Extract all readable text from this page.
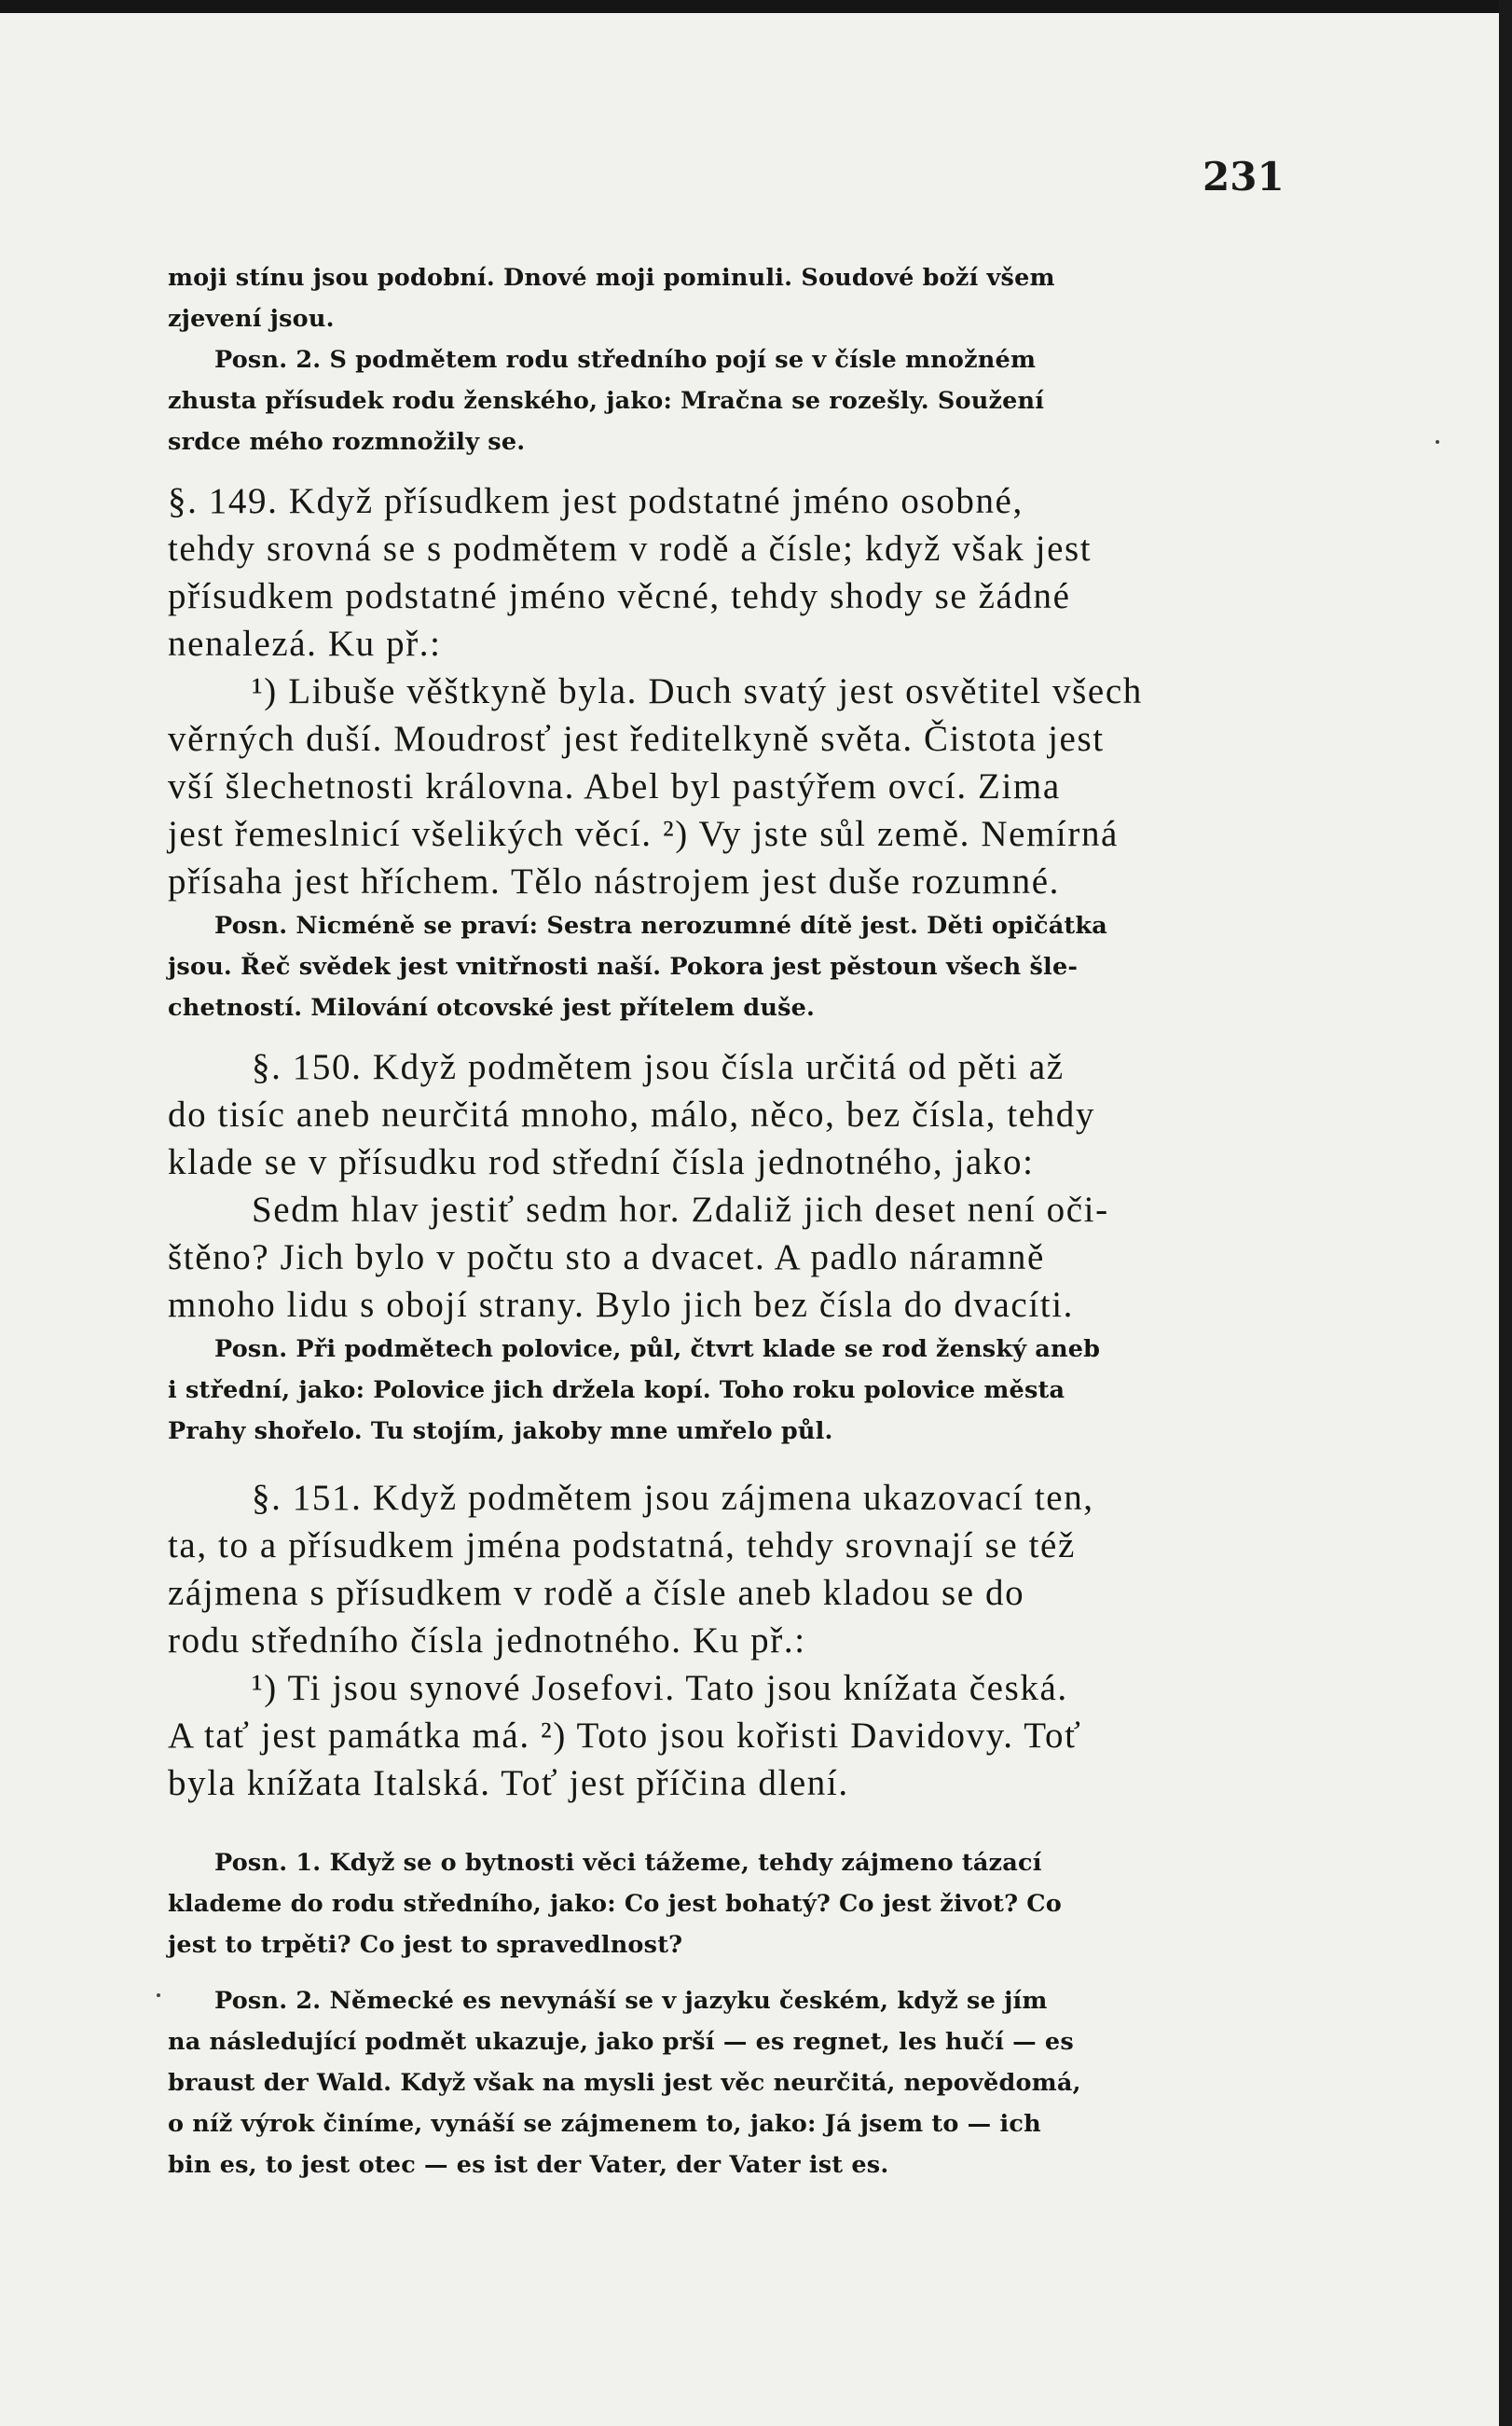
231
moji stínu jsou podobní. Dnové moji pominuli. Soudové boží všem
zjevení jsou.
Posn. 2. S podmětem rodu středního pojí se v čísle množném
zhusta přísudek rodu ženského, jako: Mračna se rozešly. Soužení
srdce mého rozmnožily se.
§. 149. Když přísudkem jest podstatné jméno osobné,
tehdy srovná se s podmětem v rodě a čísle; když však jest
přísudkem podstatné jméno věcné, tehdy shody se žádné
nenalezá. Ku př.:
¹) Libuše věštkyně byla. Duch svatý jest osvětitel všech
věrných duší. Moudrosť jest ředitelkyně světa. Čistota jest
vší šlechetnosti královna. Abel byl pastýřem ovcí. Zima
jest řemeslnicí všelikých věcí. ²) Vy jste sůl země. Nemírná
přísaha jest hříchem. Tělo nástrojem jest duše rozumné.
Posn. Nicméně se praví: Sestra nerozumné dítě jest. Děti opičátka
jsou. Řeč svědek jest vnitřnosti naší. Pokora jest pěstoun všech šle-
chetností. Milování otcovské jest přítelem duše.
§. 150. Když podmětem jsou čísla určitá od pěti až
do tisíc aneb neurčitá mnoho, málo, něco, bez čísla, tehdy
klade se v přísudku rod střední čísla jednotného, jako:
Sedm hlav jestiť sedm hor. Zdaliž jich deset není oči-
štěno? Jich bylo v počtu sto a dvacet. A padlo náramně
mnoho lidu s obojí strany. Bylo jich bez čísla do dvacíti.
Posn. Při podmětech polovice, půl, čtvrt klade se rod ženský aneb
i střední, jako: Polovice jich držela kopí. Toho roku polovice města
Prahy shořelo. Tu stojím, jakoby mne umřelo půl.
§. 151. Když podmětem jsou zájmena ukazovací ten,
ta, to a přísudkem jména podstatná, tehdy srovnají se též
zájmena s přísudkem v rodě a čísle aneb kladou se do
rodu středního čísla jednotného. Ku př.:
¹) Ti jsou synové Josefovi. Tato jsou knížata česká.
A tať jest památka má. ²) Toto jsou kořisti Davidovy. Toť
byla knížata Italská. Toť jest příčina dlení.
Posn. 1. Když se o bytnosti věci tážeme, tehdy zájmeno tázací
klademe do rodu středního, jako: Co jest bohatý? Co jest život? Co
jest to trpěti? Co jest to spravedlnost?
Posn. 2. Německé es nevynáší se v jazyku českém, když se jím
na následující podmět ukazuje, jako prší — es regnet, les hučí — es
braust der Wald. Když však na mysli jest věc neurčitá, nepovědomá,
o níž výrok činíme, vynáší se zájmenem to, jako: Já jsem to — ich
bin es, to jest otec — es ist der Vater, der Vater ist es.
